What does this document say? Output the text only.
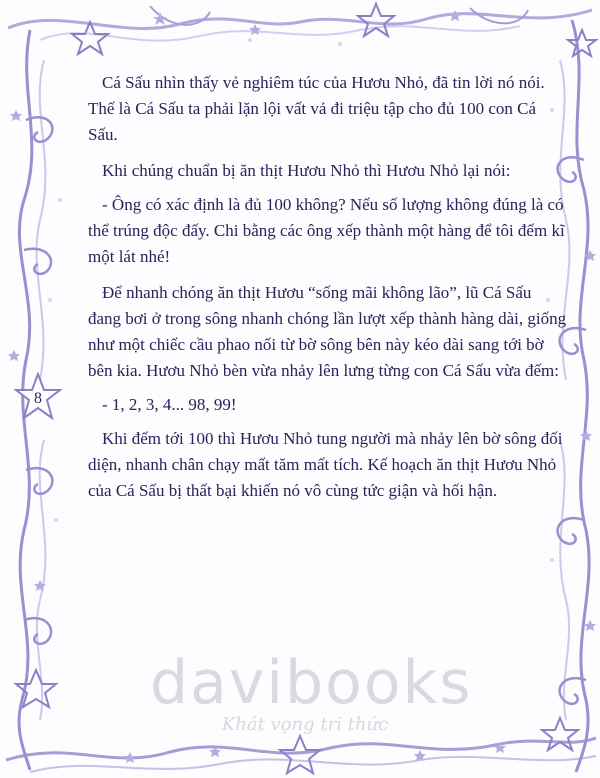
8

Cá Sấu nhìn thấy vẻ nghiêm túc của Hươu Nhỏ, đã tin lời nó nói. Thế là Cá Sấu ta phải lặn lội vất vả đi triệu tập cho đủ 100 con Cá Sấu.

Khi chúng chuẩn bị ăn thịt Hươu Nhỏ thì Hươu Nhỏ lại nói:

- Ông có xác định là đủ 100 không? Nếu số lượng không đúng là có thể trúng độc đấy. Chi bằng các ông xếp thành một hàng để tôi đếm kĩ một lát nhé!

Để nhanh chóng ăn thịt Hươu “sống mãi không lão”, lũ Cá Sấu đang bơi ở trong sông nhanh chóng lần lượt xếp thành hàng dài, giống như một chiếc cầu phao nối từ bờ sông bên này kéo dài sang tới bờ bên kia. Hươu Nhỏ bèn vừa nhảy lên lưng từng con Cá Sấu vừa đếm:

- 1, 2, 3, 4... 98, 99!

Khi đếm tới 100 thì Hươu Nhỏ tung người mà nhảy lên bờ sông đối diện, nhanh chân chạy mất tăm mất tích. Kế hoạch ăn thịt Hươu Nhỏ của Cá Sấu bị thất bại khiến nó vô cùng tức giận và hối hận.

davibooks
Khát vọng tri thức
